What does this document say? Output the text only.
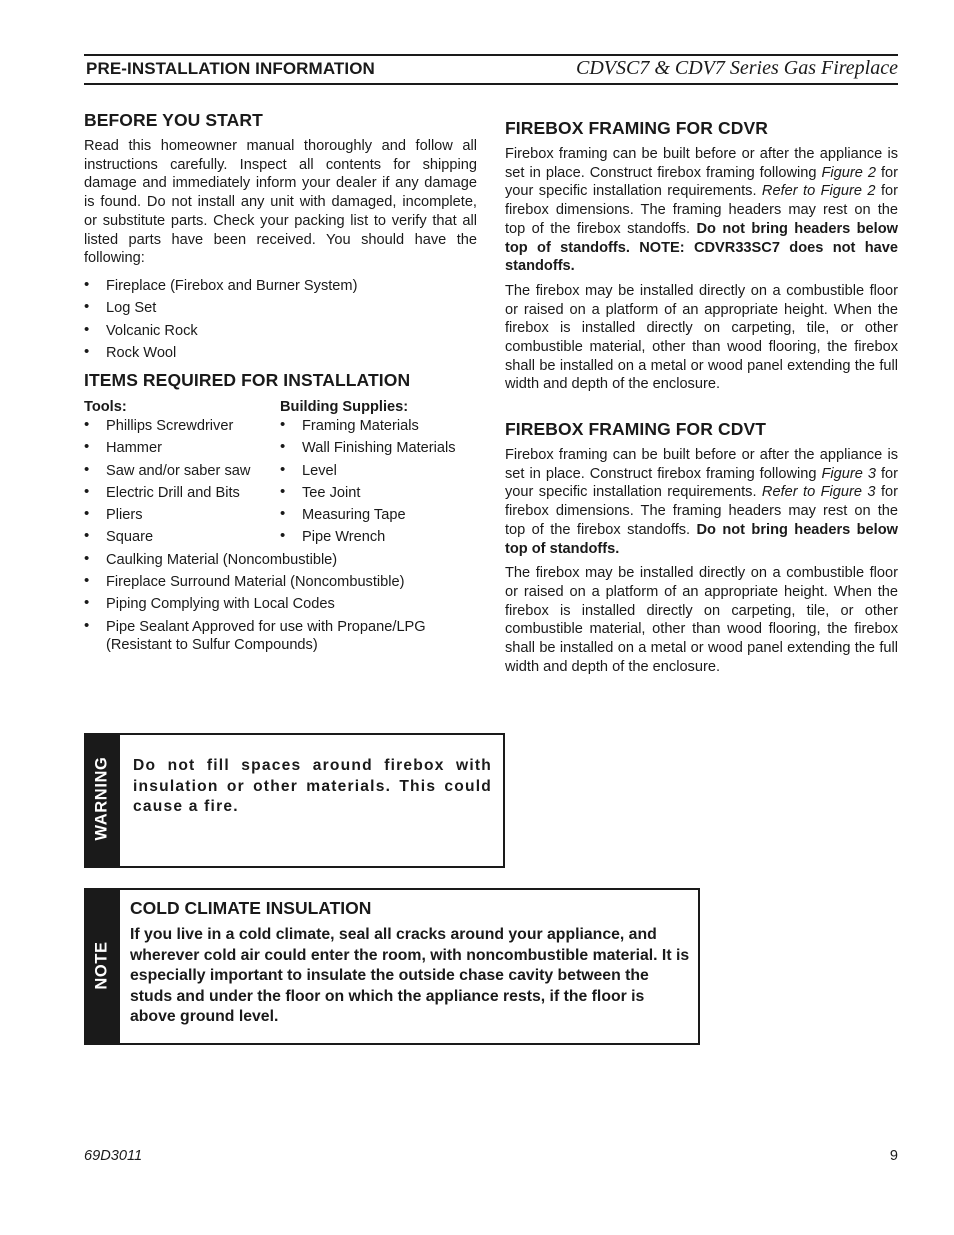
PRE-INSTALLATION INFORMATION	CDVSC7 & CDV7 Series Gas Fireplace
BEFORE YOU START

Read this homeowner manual thoroughly and follow all instructions carefully. Inspect all contents for shipping damage and immediately inform your dealer if any damage is found. Do not install any unit with damaged, incomplete, or substitute parts. Check your packing list to verify that all listed parts have been received. You should have the following:

• Fireplace (Firebox and Burner System)
• Log Set
• Volcanic Rock
• Rock Wool
ITEMS REQUIRED FOR INSTALLATION

Tools:

• Phillips Screwdriver
• Hammer
• Saw and/or saber saw
• Electric Drill and Bits
• Pliers
• Square

Building Supplies:

• Framing Materials
• Wall Finishing Materials
• Level
• Tee Joint
• Measuring Tape
• Pipe Wrench
• Caulking Material (Noncombustible)
• Fireplace Surround Material (Noncombustible)
• Piping Complying with Local Codes
• Pipe Sealant Approved for use with Propane/LPG (Resistant to Sulfur Compounds)
FIREBOX FRAMING FOR CDVR

Firebox framing can be built before or after the appliance is set in place. Construct firebox framing following Figure 2 for your specific installation requirements. Refer to Figure 2 for firebox dimensions. The framing headers may rest on the top of the firebox standoffs. Do not bring headers below top of standoffs. NOTE: CDVR33SC7 does not have standoffs.

The firebox may be installed directly on a combustible floor or raised on a platform of an appropriate height. When the firebox is installed directly on carpeting, tile, or other combustible material, other than wood flooring, the firebox shall be installed on a metal or wood panel extending the full width and depth of the enclosure.

FIREBOX FRAMING FOR CDVT

Firebox framing can be built before or after the appliance is set in place. Construct firebox framing following Figure 3 for your specific installation requirements. Refer to Figure 3 for firebox dimensions. The framing headers may rest on the top of the firebox standoffs. Do not bring headers below top of standoffs.

The firebox may be installed directly on a combustible floor or raised on a platform of an appropriate height. When the firebox is installed directly on carpeting, tile, or other combustible material, other than wood flooring, the firebox shall be installed on a metal or wood panel extending the full width and depth of the enclosure.

WARNING Do not fill spaces around firebox with insulation or other materials. This could cause a fire.
NOTE
COLD CLIMATE INSULATION
If you live in a cold climate, seal all cracks around your appliance, and wherever cold air could enter the room, with noncombustible material. It is especially important to insulate the outside chase cavity between the studs and under the floor on which the appliance rests, if the floor is above ground level.
69D3011	9
